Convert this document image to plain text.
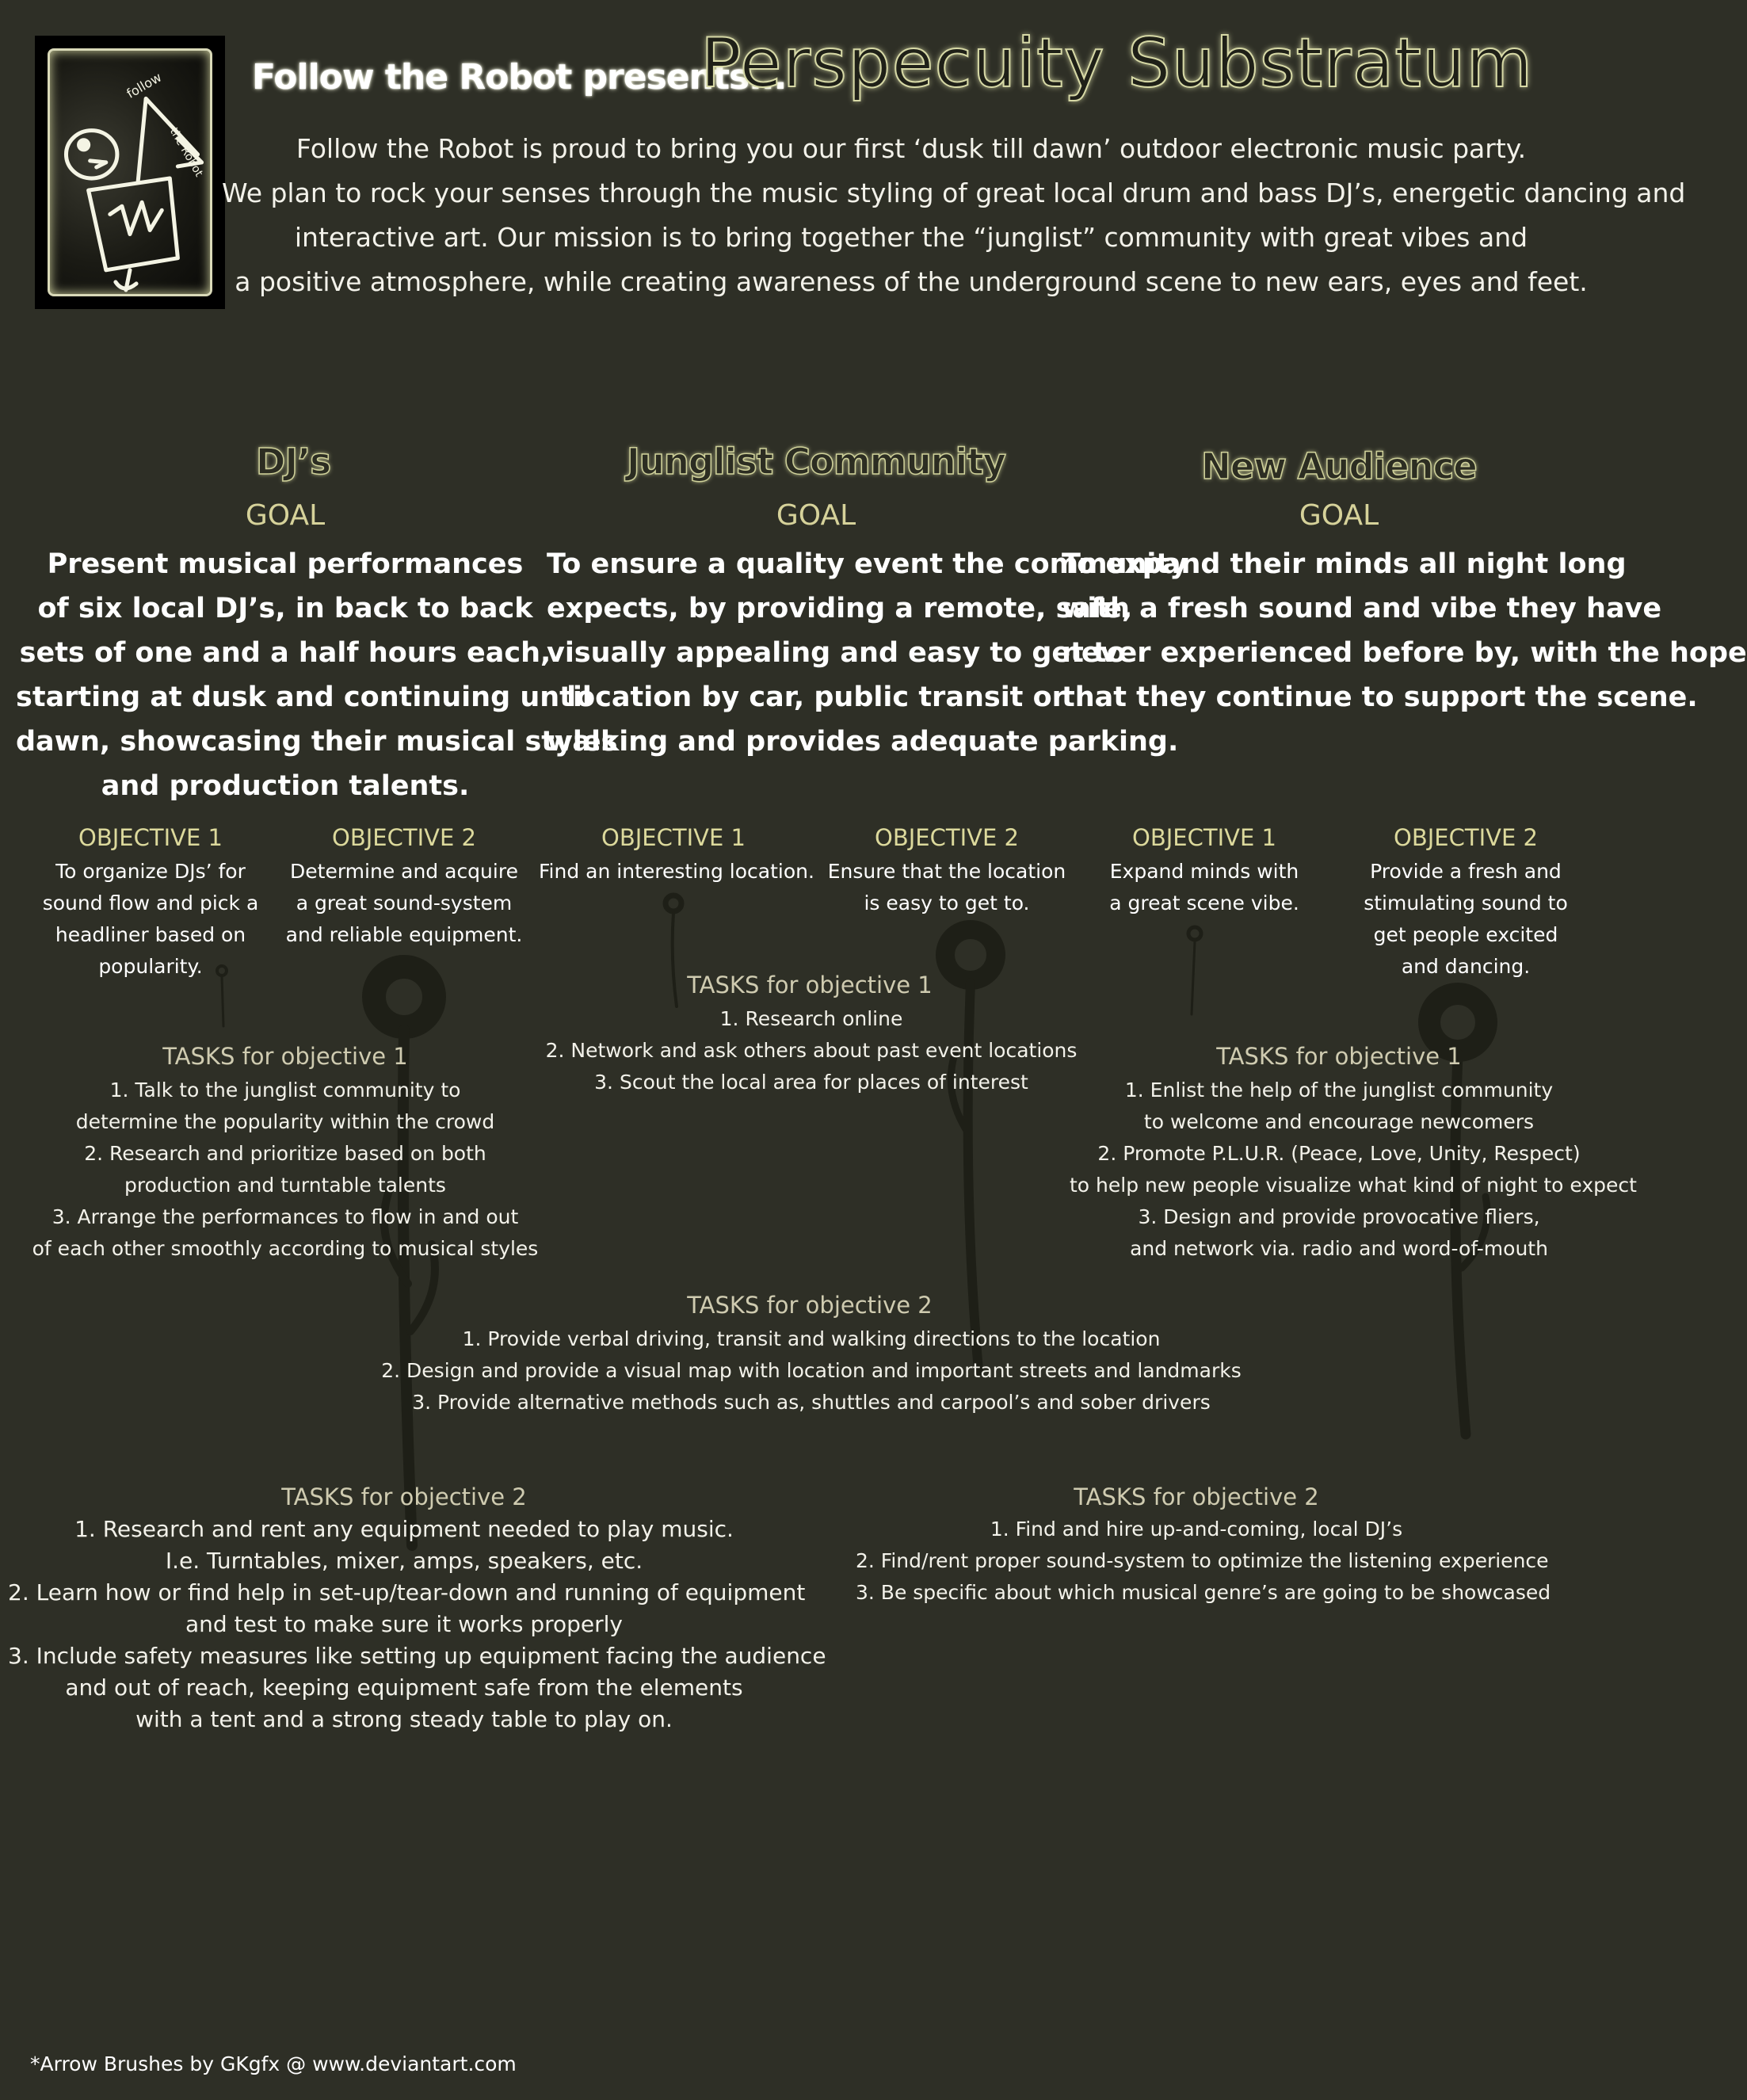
follow
the Robot
Follow the Robot presents...
Perspecuity Substratum
Follow the Robot is proud to bring you our first ‘dusk till dawn’ outdoor electronic music party.
We plan to rock your senses through the music styling of great local drum and bass DJ’s, energetic dancing and
interactive art. Our mission is to bring together the “junglist” community with great vibes and
a positive atmosphere, while creating awareness of the underground scene to new ears, eyes and feet.
DJ’s
GOAL
Present musical performances
of six local DJ’s, in back to back
sets of one and a half hours each,
starting at dusk and continuing until
dawn, showcasing their musical styles
and production talents.
OBJECTIVE 1
To organize DJs’ for
sound flow and pick a
headliner based on
popularity.
OBJECTIVE 2
Determine and acquire
a great sound-system
and reliable equipment.
TASKS for objective 1
1. Talk to the junglist community to
determine the popularity within the crowd
2. Research and prioritize based on both
production and turntable talents
3. Arrange the performances to flow in and out
of each other smoothly according to musical styles
TASKS for objective 2
1. Research and rent any equipment needed to play music.
I.e. Turntables, mixer, amps, speakers, etc.
2. Learn how or find help in set-up/tear-down and running of equipment
and test to make sure it works properly
3. Include safety measures like setting up equipment facing the audience
and out of reach, keeping equipment safe from the elements
with a tent and a strong steady table to play on.
Junglist Community
GOAL
To ensure a quality event the community
expects, by providing a remote, safe,
visually appealing and easy to get to
location by car, public transit or
walking and provides adequate parking.
OBJECTIVE 1
Find an interesting location.
OBJECTIVE 2
Ensure that the location
is easy to get to.
TASKS for objective 1
1. Research online
2. Network and ask others about past event locations
3. Scout the local area for places of interest
TASKS for objective 2
1. Provide verbal driving, transit and walking directions to the location
2. Design and provide a visual map with location and important streets and landmarks
3. Provide alternative methods such as, shuttles and carpool’s and sober drivers
New Audience
GOAL
To expand their minds all night long
with a fresh sound and vibe they have
never experienced before by, with the hope
that they continue to support the scene.
OBJECTIVE 1
Expand minds with
a great scene vibe.
OBJECTIVE 2
Provide a fresh and
stimulating sound to
get people excited
and dancing.
TASKS for objective 1
1. Enlist the help of the junglist community
to welcome and encourage newcomers
2. Promote P.L.U.R. (Peace, Love, Unity, Respect)
to help new people visualize what kind of night to expect
3. Design and provide provocative fliers,
and network via. radio and word-of-mouth
TASKS for objective 2
1. Find and hire up-and-coming, local DJ’s
2. Find/rent proper sound-system to optimize the listening experience
3. Be specific about which musical genre’s are going to be showcased
*Arrow Brushes by GKgfx @ www.deviantart.com
